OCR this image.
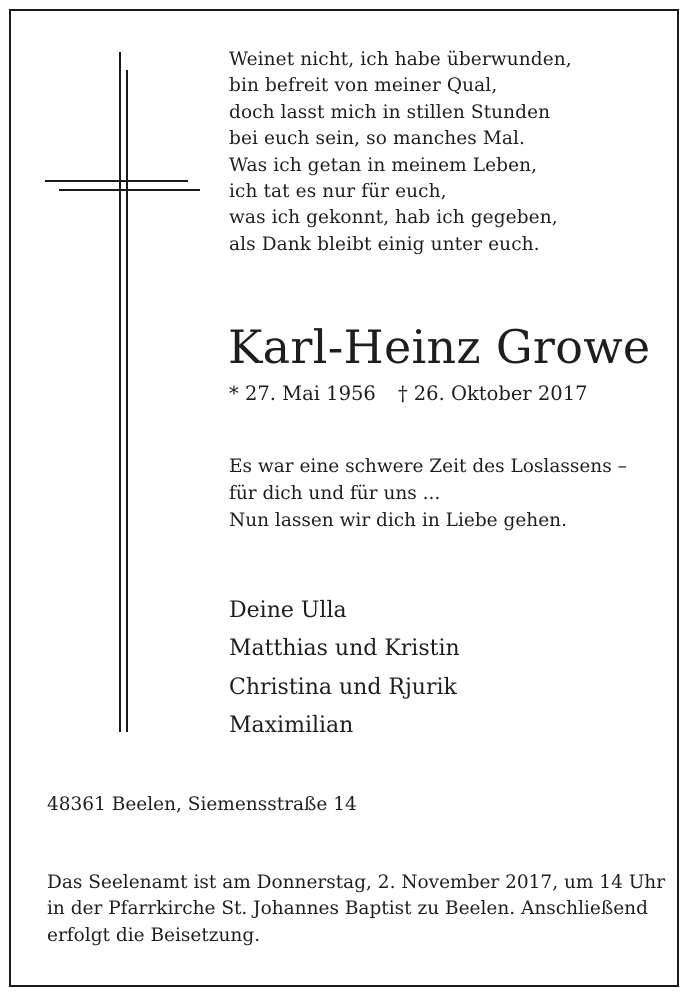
Weinet nicht, ich habe überwunden,
bin befreit von meiner Qual,
doch lasst mich in stillen Stunden
bei euch sein, so manches Mal.
Was ich getan in meinem Leben,
ich tat es nur für euch,
was ich gekonnt, hab ich gegeben,
als Dank bleibt einig unter euch.
Karl-Heinz Growe
* 27. Mai 1956 † 26. Oktober 2017
Es war eine schwere Zeit des Loslassens –
für dich und für uns ...
Nun lassen wir dich in Liebe gehen.
Deine Ulla
Matthias und Kristin
Christina und Rjurik
Maximilian
48361 Beelen, Siemensstraße 14
Das Seelenamt ist am Donnerstag, 2. November 2017, um 14 Uhr
in der Pfarrkirche St. Johannes Baptist zu Beelen. Anschließend
erfolgt die Beisetzung.
